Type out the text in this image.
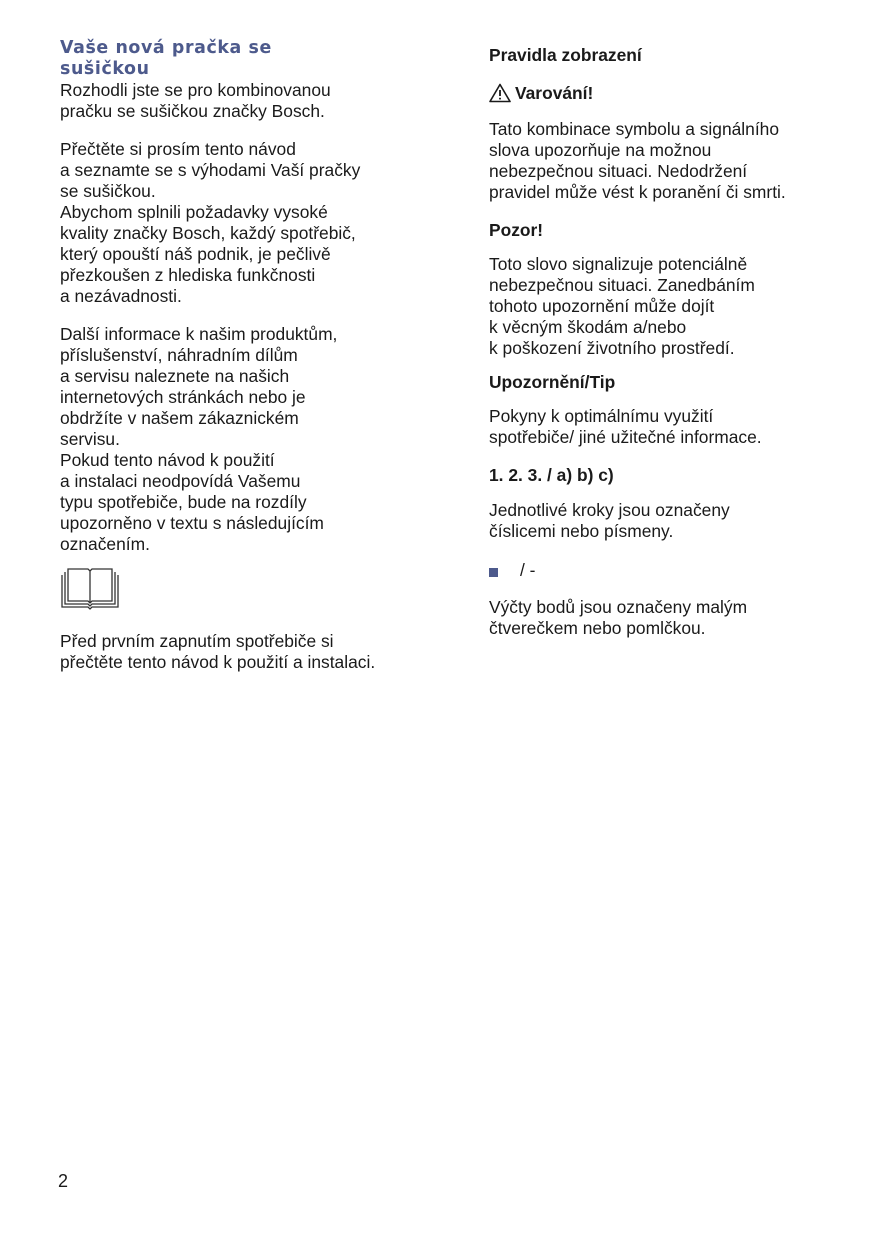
Vaše nová pračka se
sušičkou

Rozhodli jste se pro kombinovanou
pračku se sušičkou značky Bosch.

Přečtěte si prosím tento návod
a seznamte se s výhodami Vaší pračky
se sušičkou.

Abychom splnili požadavky vysoké
kvality značky Bosch, každý spotřebič,
který opouští náš podnik, je pečlivě
přezkoušen z hlediska funkčnosti
a nezávadnosti.

Další informace k našim produktům,
příslušenství, náhradním dílům
a servisu naleznete na našich
internetových stránkách nebo je
obdržíte v našem zákaznickém
servisu.

Pokud tento návod k použití
a instalaci neodpovídá Vašemu
typu spotřebiče, bude na rozdíly
upozorněno v textu s následujícím
označením.

Před prvním zapnutím spotřebiče si
přečtěte tento návod k použití a instalaci.

Pravidla zobrazení

Varování!

Tato kombinace symbolu a signálního
slova upozorňuje na možnou
nebezpečnou situaci. Nedodržení
pravidel může vést k poranění či smrti.

Pozor!

Toto slovo signalizuje potenciálně
nebezpečnou situaci. Zanedbáním
tohoto upozornění může dojít
k věcným škodám a/nebo
k poškození životního prostředí.

Upozornění/Tip

Pokyny k optimálnímu využití
spotřebiče/ jiné užitečné informace.

1. 2. 3. / a) b) c)

Jednotlivé kroky jsou označeny
číslicemi nebo písmeny.

/ -

Výčty bodů jsou označeny malým
čtverečkem nebo pomlčkou.

2
